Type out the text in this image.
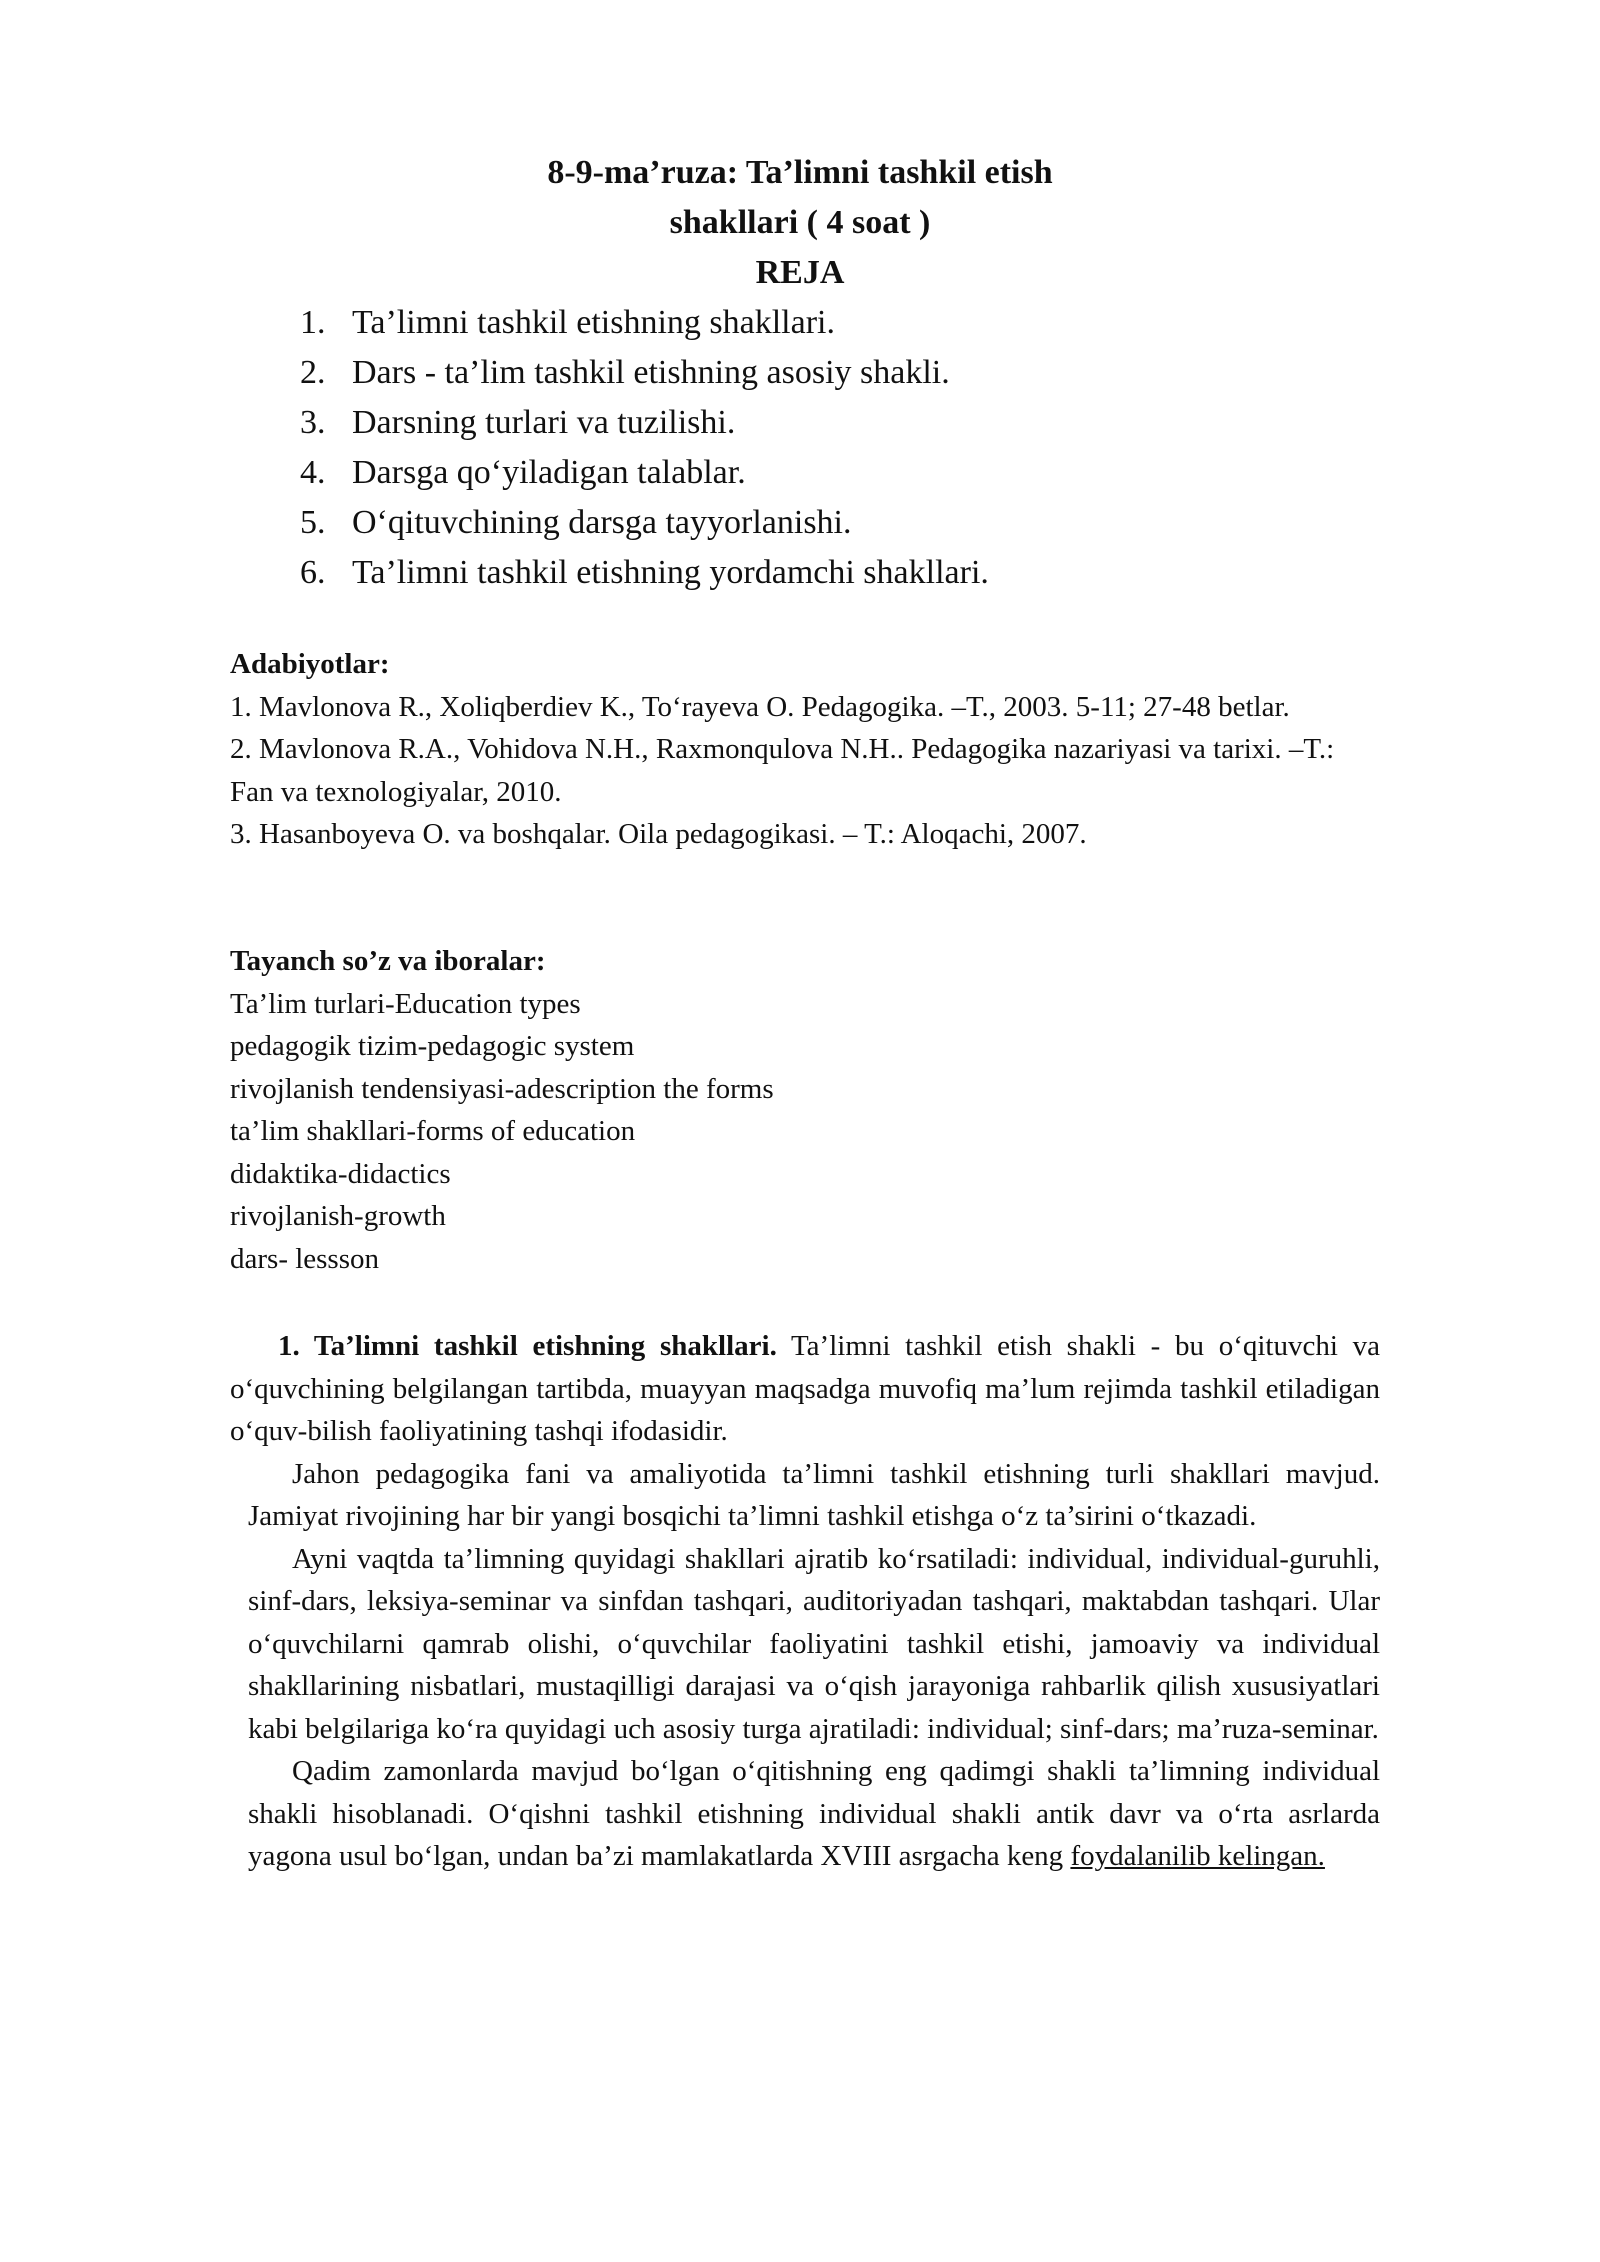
8-9-ma’ruza: Ta’limni tashkil etish
shakllari ( 4 soat )
REJA
1. Ta’limni tashkil etishning shakllari.
2. Dars - ta’lim tashkil etishning asosiy shakli.
3. Darsning turlari va tuzilishi.
4. Darsga qo‘yiladigan talablar.
5. O‘qituvchining darsga tayyorlanishi.
6. Ta’limni tashkil etishning yordamchi shakllari.
Adabiyotlar:
1. Mavlonova R., Xoliqberdiev K., To‘rayeva O. Pedagogika. –T., 2003. 5-11; 27-48 betlar.
2. Mavlonova R.A., Vohidova N.H., Raxmonqulova N.H.. Pedagogika nazariyasi va tarixi. –T.: Fan va texnologiyalar, 2010.
3. Hasanboyeva O. va boshqalar. Oila pedagogikasi. – T.: Aloqachi, 2007.
Tayanch so’z va iboralar:
Ta’lim turlari-Education types
pedagogik tizim-pedagogic system
rivojlanish tendensiyasi-adescription the forms
ta’lim shakllari-forms of education
didaktika-didactics
rivojlanish-growth
dars- lessson

1. Ta’limni tashkil etishning shakllari. Ta’limni tashkil etish shakli - bu o‘qituvchi va o‘quvchining belgilangan tartibda, muayyan maqsadga muvofiq ma’lum rejimda tashkil etiladigan o‘quv-bilish faoliyatining tashqi ifodasidir.

Jahon pedagogika fani va amaliyotida ta’limni tashkil etishning turli shakllari mavjud. Jamiyat rivojining har bir yangi bosqichi ta’limni tashkil etishga o‘z ta’sirini o‘tkazadi.

Ayni vaqtda ta’limning quyidagi shakllari ajratib ko‘rsatiladi: individual, individual-guruhli, sinf-dars, leksiya-seminar va sinfdan tashqari, auditoriyadan tashqari, maktabdan tashqari. Ular o‘quvchilarni qamrab olishi, o‘quvchilar faoliyatini tashkil etishi, jamoaviy va individual shakllarining nisbatlari, mustaqilligi darajasi va o‘qish jarayoniga rahbarlik qilish xususiyatlari kabi belgilariga ko‘ra quyidagi uch asosiy turga ajratiladi: individual; sinf-dars; ma’ruza-seminar.

Qadim zamonlarda mavjud bo‘lgan o‘qitishning eng qadimgi shakli ta’limning individual shakli hisoblanadi. O‘qishni tashkil etishning individual shakli antik davr va o‘rta asrlarda yagona usul bo‘lgan, undan ba’zi mamlakatlarda XVIII asrgacha keng foydalanilib kelingan.
